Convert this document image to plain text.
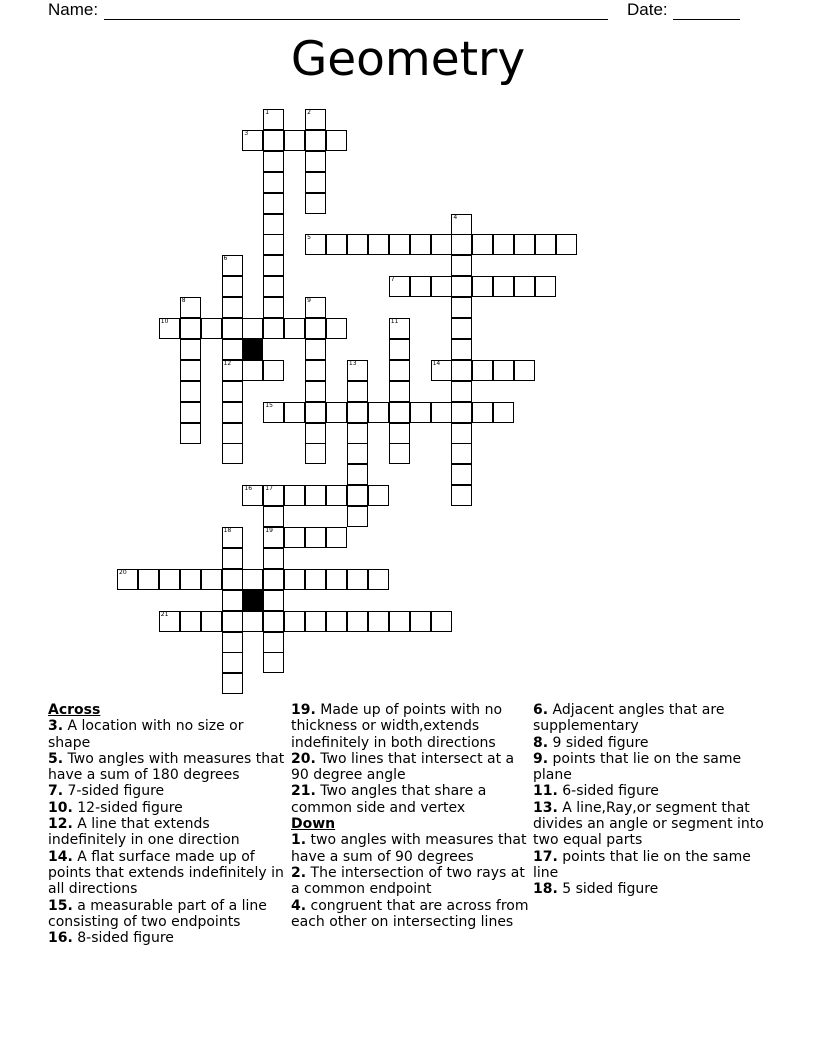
Name:	Date:
Geometry
1	2
3
4
5
6
12
7
8	9
10	11
13	14
15
16 17
18	19
20
21
Across
3. A location with no size or shape
5. Two angles with measures that have a sum of 180 degrees
7. 7-sided figure
10. 12-sided figure
12. A line that extends indefinitely in one direction
14. A flat surface made up of points that extends indefinitely in all directions
15. a measurable part of a line consisting of two endpoints
16. 8-sided figure
19. Made up of points with no thickness or width,extends indefinitely in both directions
20. Two lines that intersect at a 90 degree angle
21. Two angles that share a common side and vertex
Down
1. two angles with measures that have a sum of 90 degrees
2. The intersection of two rays at a common endpoint
4. congruent that are across from each other on intersecting lines
6. Adjacent angles that are supplementary
8. 9 sided figure
9. points that lie on the same plane
11. 6-sided figure
13. A line,Ray,or segment that divides an angle or segment into two equal parts
17. points that lie on the same line
18. 5 sided figure
